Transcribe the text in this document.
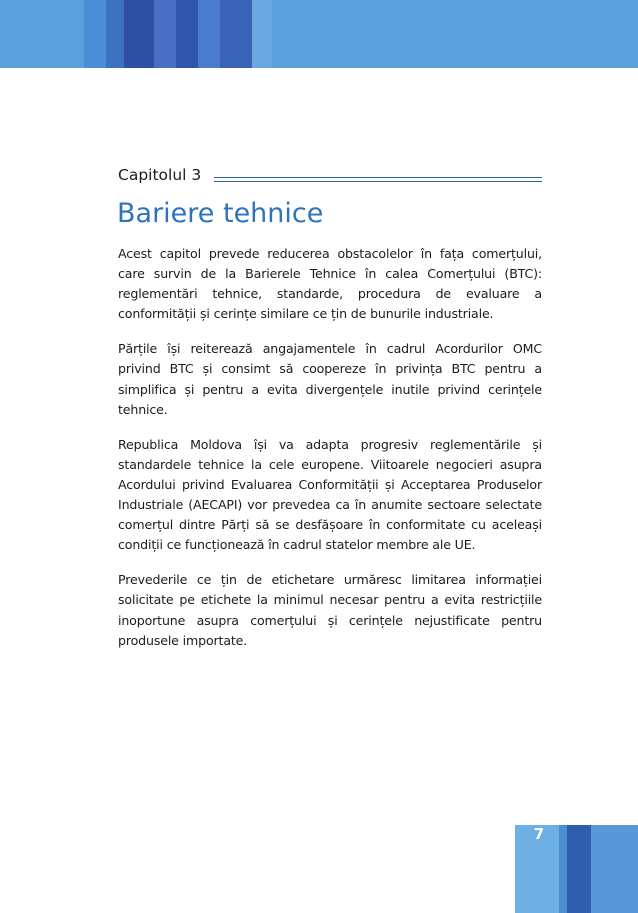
Capitolul 3
Bariere tehnice

Acest capitol prevede reducerea obstacolelor în fața comerțului, care survin de la Barierele Tehnice în calea Comerțului (BTC): reglementări tehnice, standarde, procedura de evaluare a conformității și cerințe similare ce țin de bunurile industriale.

Părțile își reiterează angajamentele în cadrul Acordurilor OMC privind BTC și consimt să coopereze în privința BTC pentru a simplifica și pentru a evita divergențele inutile privind cerințele tehnice.

Republica Moldova își va adapta progresiv reglementările și standardele tehnice la cele europene. Viitoarele negocieri asupra Acordului privind Evaluarea Conformității și Acceptarea Produselor Industriale (AECAPI) vor prevedea ca în anumite sectoare selectate comerțul dintre Părți să se desfășoare în conformitate cu aceleași condiții ce funcționează în cadrul statelor membre ale UE.

Prevederile ce țin de etichetare urmăresc limitarea informației solicitate pe etichete la minimul necesar pentru a evita restricțiile inoportune asupra comerțului și cerințele nejustificate pentru produsele importate.

7
